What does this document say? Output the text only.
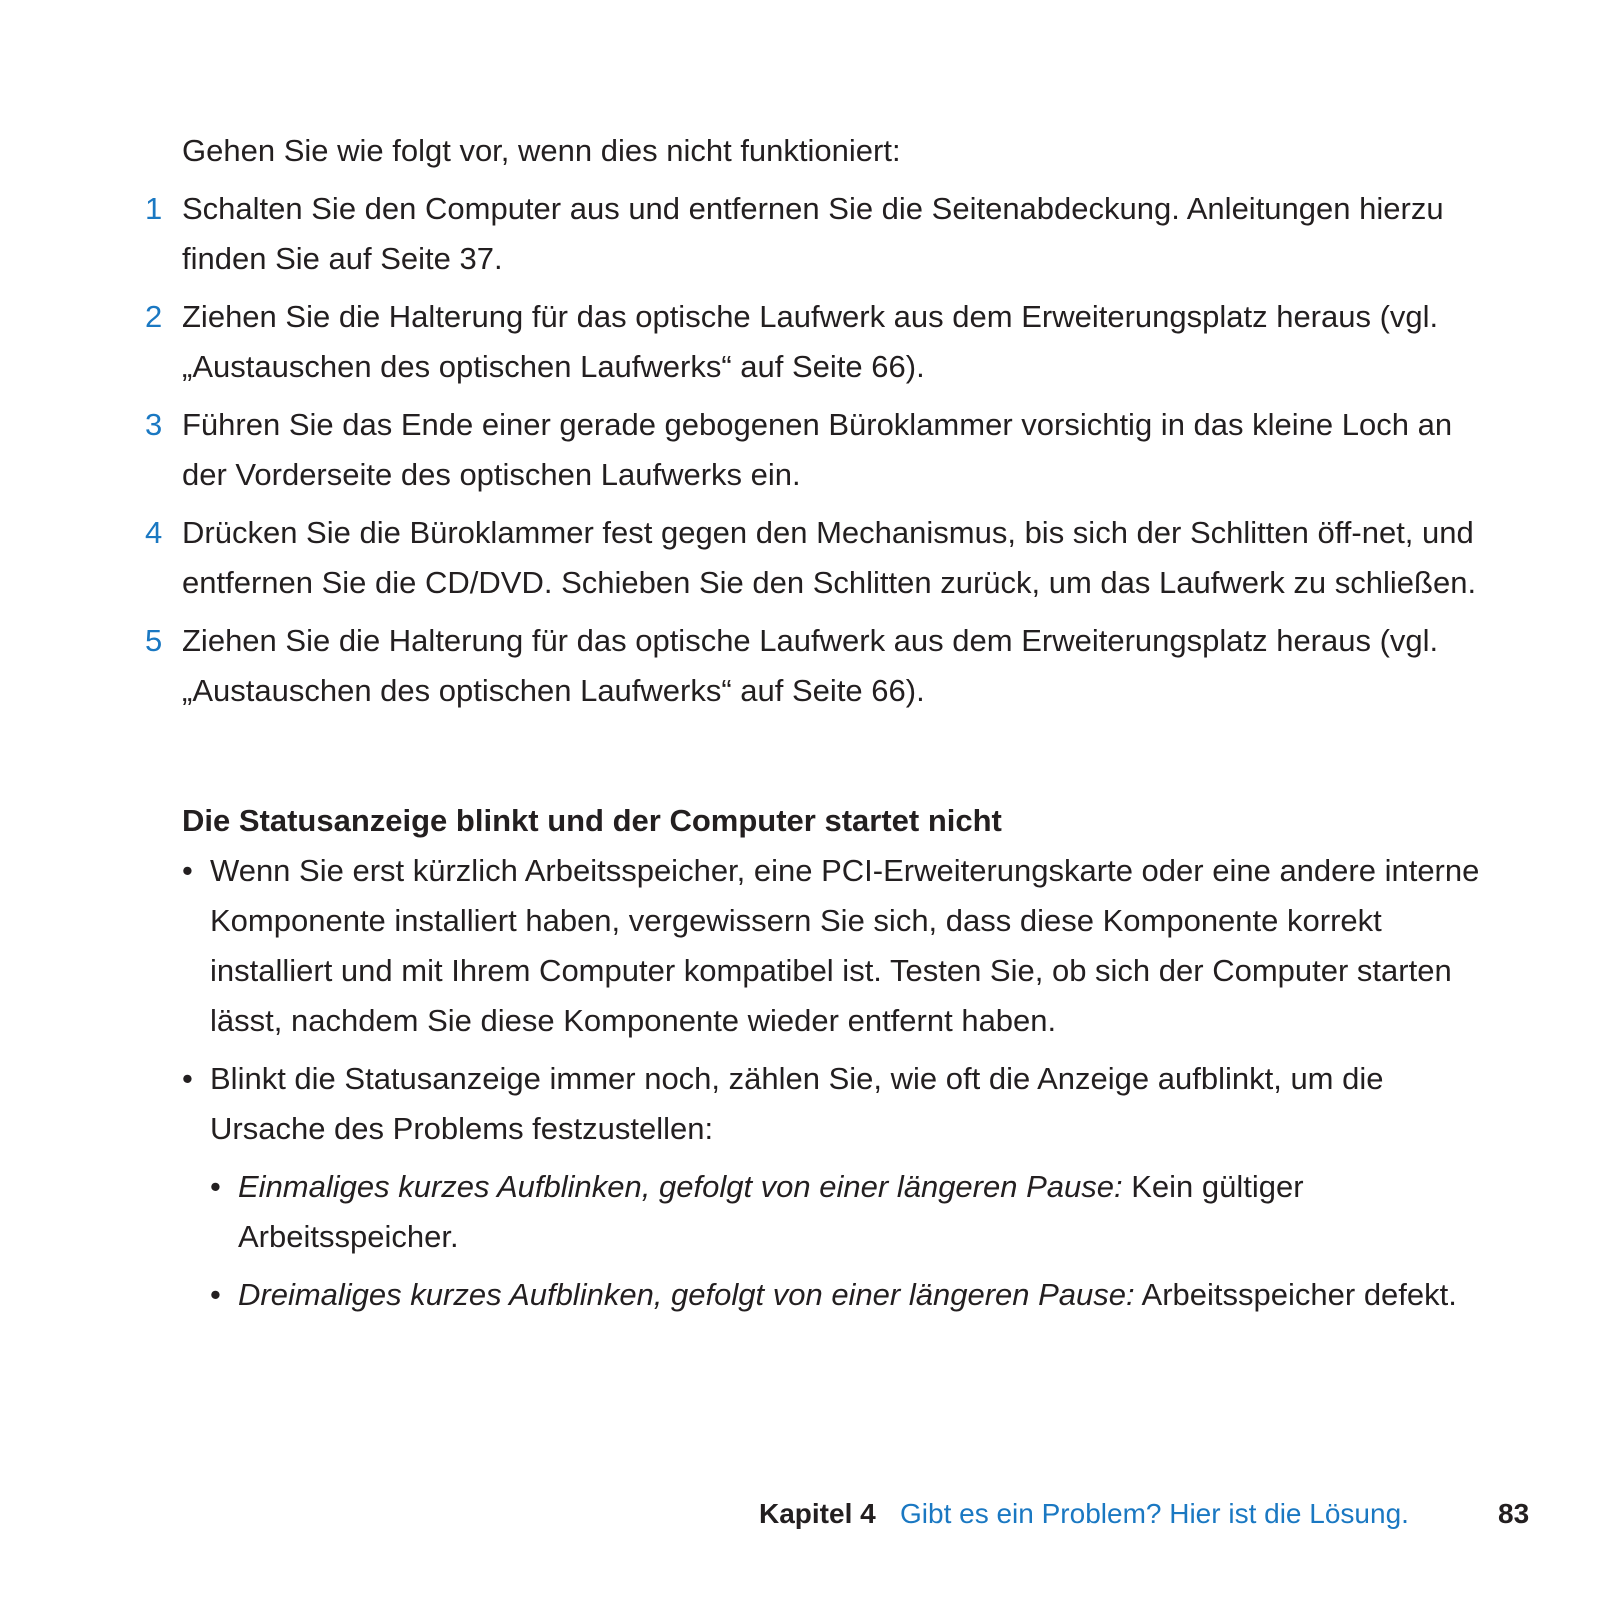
Gehen Sie wie folgt vor, wenn dies nicht funktioniert:

1 Schalten Sie den Computer aus und entfernen Sie die Seitenabdeckung. Anleitungen hierzu finden Sie auf Seite 37.
2 Ziehen Sie die Halterung für das optische Laufwerk aus dem Erweiterungsplatz heraus (vgl.„Austauschen des optischen Laufwerks“ auf Seite 66).
3 Führen Sie das Ende einer gerade gebogenen Büroklammer vorsichtig in das kleine Loch an der Vorderseite des optischen Laufwerks ein.
4 Drücken Sie die Büroklammer fest gegen den Mechanismus, bis sich der Schlitten öff-net, und entfernen Sie die CD/DVD. Schieben Sie den Schlitten zurück, um das Laufwerk zu schließen.
5 Ziehen Sie die Halterung für das optische Laufwerk aus dem Erweiterungsplatz heraus (vgl.„Austauschen des optischen Laufwerks“ auf Seite 66).
Die Statusanzeige blinkt und der Computer startet nicht
• Wenn Sie erst kürzlich Arbeitsspeicher, eine PCI-Erweiterungskarte oder eine andere interne Komponente installiert haben, vergewissern Sie sich, dass diese Komponente korrekt installiert und mit Ihrem Computer kompatibel ist. Testen Sie, ob sich der Computer starten lässt, nachdem Sie diese Komponente wieder entfernt haben.
• Blinkt die Statusanzeige immer noch, zählen Sie, wie oft die Anzeige aufblinkt, um die Ursache des Problems festzustellen:
• Einmaliges kurzes Aufblinken, gefolgt von einer längeren Pause: Kein gültiger Arbeitsspeicher.
• Dreimaliges kurzes Aufblinken, gefolgt von einer längeren Pause: Arbeitsspeicher defekt.
Kapitel 4 Gibt es ein Problem? Hier ist die Lösung.	83
